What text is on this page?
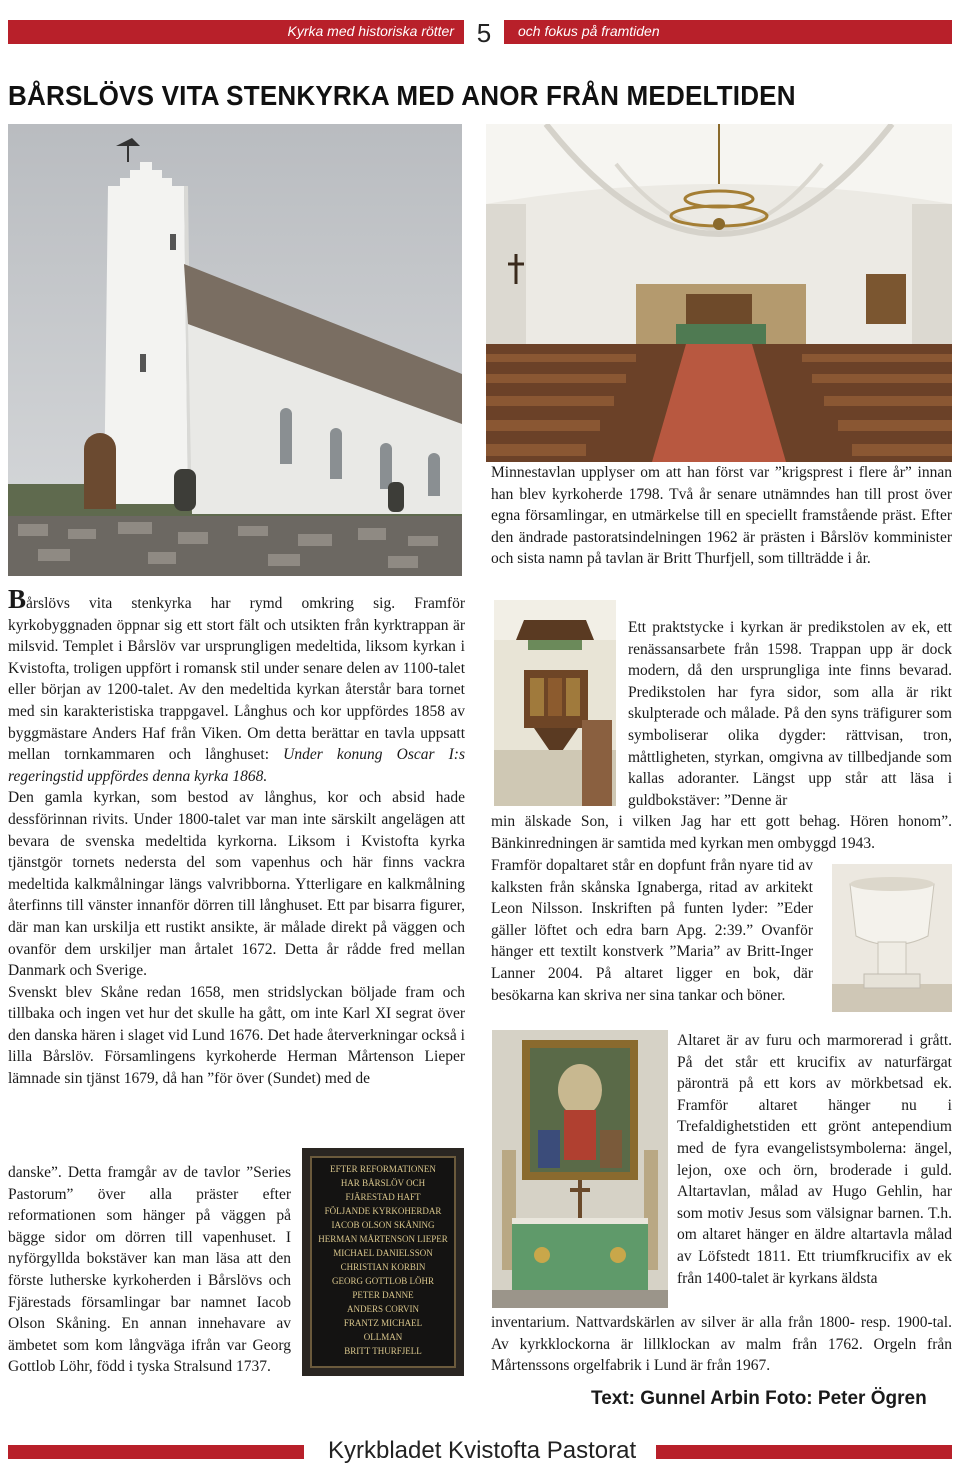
Kyrka med historiska rötter 5	och fokus på framtiden
BÅRSLÖVS VITA STENKYRKA MED ANOR FRÅN MEDELTIDEN

Bårslövs vita stenkyrka har rymd omkring sig. Framför kyrkobyggnaden öppnar sig ett stort fält och utsikten från kyrktrappan är milsvid. Templet i Bårslöv var ursprungligen medeltida, liksom kyrkan i Kvistofta, troligen uppfört i romansk stil under senare delen av 1100-talet eller början av 1200-talet. Av den medeltida kyrkan återstår bara tornet med sin karakteristiska trappgavel. Långhus och kor uppfördes 1858 av byggmästare Anders Haf från Viken. Om detta berättar en tavla uppsatt mellan tornkammaren och långhuset: Under konung Oscar I:s regeringstid uppfördes denna kyrka 1868.

Den gamla kyrkan, som bestod av långhus, kor och absid hade dessförinnan rivits. Under 1800-talet var man inte särskilt angelägen att bevara de svenska medeltida kyrkorna. Liksom i Kvistofta kyrka tjänstgör tornets nedersta del som vapenhus och här finns vackra medeltida kalkmålningar längs valvribborna. Ytterligare en kalkmålning återfinns till vänster innanför dörren till långhuset. Ett par bisarra figurer, där man kan urskilja ett rustikt ansikte, är målade direkt på väggen och ovanför dem urskiljer man årtalet 1672. Detta år rådde fred mellan Danmark och Sverige.

Svenskt blev Skåne redan 1658, men stridslyckan böljade fram och tillbaka och ingen vet hur det skulle ha gått, om inte Karl XI segrat över den danska hären i slaget vid Lund 1676. Det hade återverkningar också i lilla Bårslöv. Församlingens kyrkoherde Herman Mårtenson Lieper lämnade sin tjänst 1679, då han ”för över (Sundet) med de

danske”. Detta framgår av de tavlor ”Series Pastorum” över alla präster efter reformationen som hänger på väggen på bägge sidor om dörren till vapenhuset. I nyförgyllda bokstäver kan man läsa att den förste lutherske kyrkoherden i Bårslövs och Fjärestads församlingar bar namnet Iacob Olson Skåning. En annan innehavare av ämbetet som kom långväga ifrån var Georg Gottlob Löhr, född i tyska Stralsund 1737.

EFTER REFORMATIONEN
HAR BÅRSLÖV OCH
FJÄRESTAD HAFT
FÖLJANDE KYRKOHERDAR
IACOB OLSON SKÅNING
HERMAN MÅRTENSON LIEPER
MICHAEL DANIELSSON
CHRISTIAN KORBIN
GEORG GOTTLOB LÖHR
PETER DANNE
ANDERS CORVIN
FRANTZ MICHAEL
OLLMAN
BRITT THURFJELL

Minnestavlan upplyser om att han först var ”krigsprest i flere år” innan han blev kyrkoherde 1798. Två år senare utnämndes han till prost över egna församlingar, en utmärkelse till en speciellt framstående präst. Efter den ändrade pastoratsindelningen 1962 är prästen i Bårslöv komminister och sista namn på tavlan är Britt Thurfjell, som tillträdde i år.

Ett praktstycke i kyrkan är predikstolen av ek, ett renässansarbete från 1598. Trappan upp är dock modern, då den ursprungliga inte finns bevarad. Predikstolen har fyra sidor, som alla är rikt skulpterade och målade. På den syns träfigurer som symboliserar olika dygder: rättvisan, tron, måttligheten, styrkan, omgivna av tillbedjande som kallas adoranter. Längst upp står att läsa i guldbokstäver: ”Denne är

min älskade Son, i vilken Jag har ett gott behag. Hören honom”. Bänkinredningen är samtida med kyrkan men ombyggd 1943.

Framför dopaltaret står en dopfunt från nyare tid av kalksten från skånska Ignaberga, ritad av arkitekt Leon Nilsson. Inskriften på funten lyder: ”Eder gäller löftet och edra barn Apg. 2:39.” Ovanför hänger ett textilt konstverk ”Maria” av Britt-Inger Lanner 2004. På altaret ligger en bok, där besökarna kan skriva ner sina tankar och böner.

Altaret är av furu och marmorerad i grått. På det står ett krucifix av naturfärgat päronträ på ett kors av mörkbetsad ek. Framför altaret hänger nu i Trefaldighetstiden ett grönt antependium med de fyra evangelistsymbolerna: ängel, lejon, oxe och örn, broderade i guld. Altartavlan, målad av Hugo Gehlin, har som motiv Jesus som välsignar barnen. T.h. om altaret hänger en äldre altartavla målad av Löfstedt 1811. Ett triumfkrucifix av ek från 1400-talet är kyrkans äldsta

inventarium. Nattvardskärlen av silver är alla från 1800- resp. 1900-tal. Av kyrkklockorna är lillklockan av malm från 1762. Orgeln från Mårtenssons orgelfabrik i Lund är från 1967.

Text: Gunnel Arbin Foto: Peter Ögren
Kyrkbladet Kvistofta Pastorat
